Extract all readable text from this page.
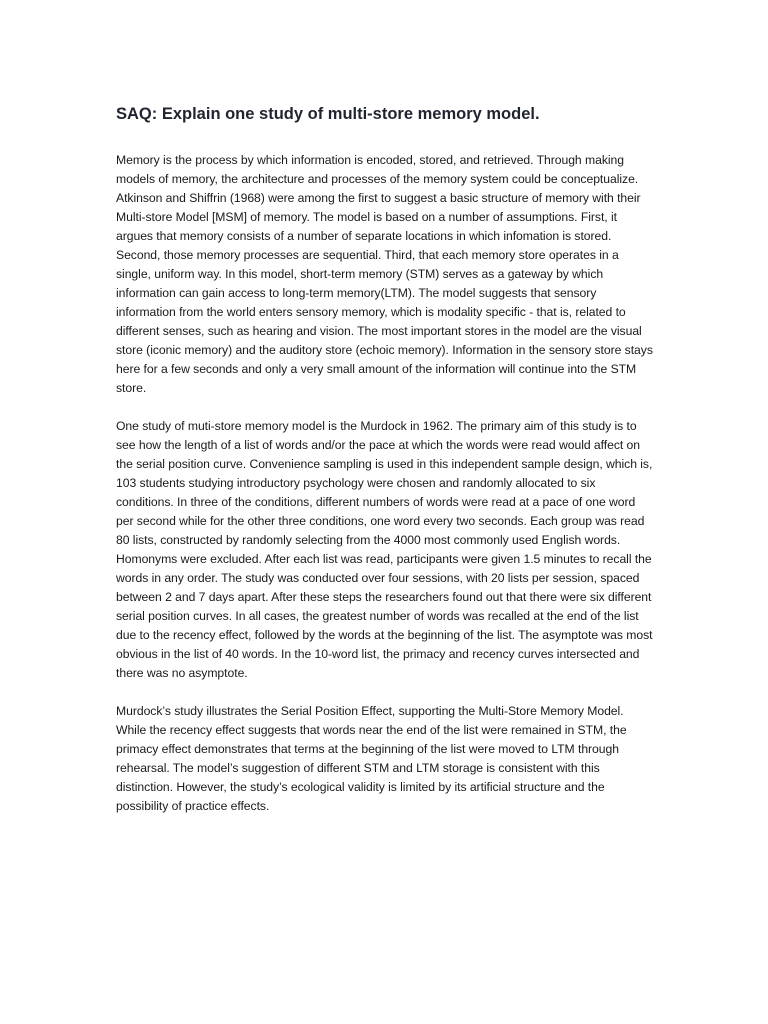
SAQ: Explain one study of multi-store memory model.

Memory is the process by which information is encoded, stored, and retrieved. Through making models of memory, the architecture and processes of the memory system could be conceptualize. Atkinson and Shiffrin (1968) were among the first to suggest a basic structure of memory with their Multi-store Model [MSM] of memory. The model is based on a number of assumptions. First, it argues that memory consists of a number of separate locations in which infomation is stored. Second, those memory processes are sequential. Third, that each memory store operates in a single, uniform way. In this model, short-term memory (STM) serves as a gateway by which information can gain access to long-term memory(LTM). The model suggests that sensory information from the world enters sensory memory, which is modality specific - that is, related to different senses, such as hearing and vision. The most important stores in the model are the visual store (iconic memory) and the auditory store (echoic memory). Information in the sensory store stays here for a few seconds and only a very small amount of the information will continue into the STM store.

One study of muti-store memory model is the Murdock in 1962. The primary aim of this study is to see how the length of a list of words and/or the pace at which the words were read would affect on the serial position curve. Convenience sampling is used in this independent sample design, which is, 103 students studying introductory psychology were chosen and randomly allocated to six conditions. In three of the conditions, different numbers of words were read at a pace of one word per second while for the other three conditions, one word every two seconds. Each group was read 80 lists, constructed by randomly selecting from the 4000 most commonly used English words. Homonyms were excluded. After each list was read, participants were given 1.5 minutes to recall the words in any order. The study was conducted over four sessions, with 20 lists per session, spaced between 2 and 7 days apart. After these steps the researchers found out that there were six different serial position curves. In all cases, the greatest number of words was recalled at the end of the list due to the recency effect, followed by the words at the beginning of the list. The asymptote was most obvious in the list of 40 words. In the 10-word list, the primacy and recency curves intersected and there was no asymptote.

Murdock’s study illustrates the Serial Position Effect, supporting the Multi-Store Memory Model. While the recency effect suggests that words near the end of the list were remained in STM, the primacy effect demonstrates that terms at the beginning of the list were moved to LTM through rehearsal. The model’s suggestion of different STM and LTM storage is consistent with this distinction. However, the study’s ecological validity is limited by its artificial structure and the possibility of practice effects.
